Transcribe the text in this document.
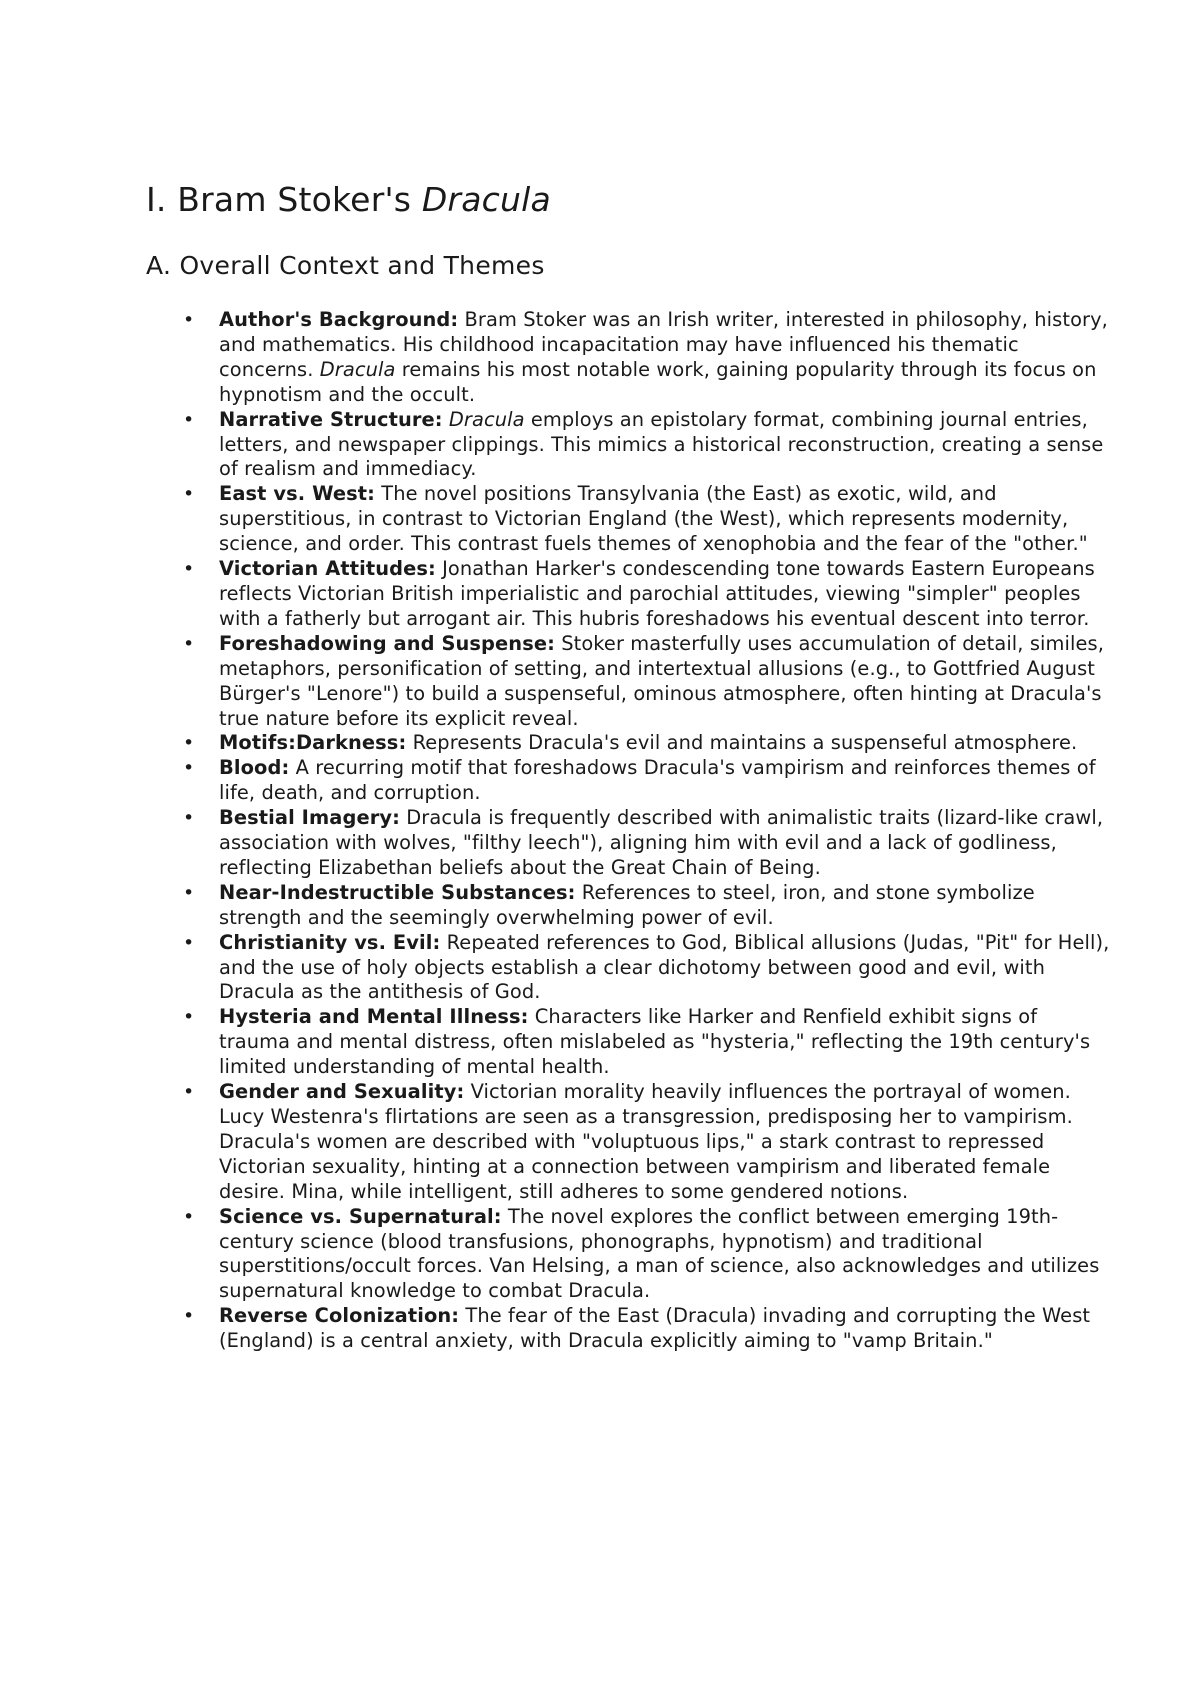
I. Bram Stoker's Dracula
A. Overall Context and Themes
• Author's Background: Bram Stoker was an Irish writer, interested in philosophy, history, and mathematics. His childhood incapacitation may have influenced his thematic concerns. Dracula remains his most notable work, gaining popularity through its focus on hypnotism and the occult.
• Narrative Structure: Dracula employs an epistolary format, combining journal entries, letters, and newspaper clippings. This mimics a historical reconstruction, creating a sense of realism and immediacy.
• East vs. West: The novel positions Transylvania (the East) as exotic, wild, and superstitious, in contrast to Victorian England (the West), which represents modernity, science, and order. This contrast fuels themes of xenophobia and the fear of the "other."
• Victorian Attitudes: Jonathan Harker's condescending tone towards Eastern Europeans reflects Victorian British imperialistic and parochial attitudes, viewing "simpler" peoples with a fatherly but arrogant air. This hubris foreshadows his eventual descent into terror.
• Foreshadowing and Suspense: Stoker masterfully uses accumulation of detail, similes, metaphors, personification of setting, and intertextual allusions (e.g., to Gottfried August Bürger's "Lenore") to build a suspenseful, ominous atmosphere, often hinting at Dracula's true nature before its explicit reveal.
• Motifs:Darkness: Represents Dracula's evil and maintains a suspenseful atmosphere.
• Blood: A recurring motif that foreshadows Dracula's vampirism and reinforces themes of life, death, and corruption.
• Bestial Imagery: Dracula is frequently described with animalistic traits (lizard-like crawl, association with wolves, "filthy leech"), aligning him with evil and a lack of godliness, reflecting Elizabethan beliefs about the Great Chain of Being.
• Near-Indestructible Substances: References to steel, iron, and stone symbolize strength and the seemingly overwhelming power of evil.
• Christianity vs. Evil: Repeated references to God, Biblical allusions (Judas, "Pit" for Hell), and the use of holy objects establish a clear dichotomy between good and evil, with Dracula as the antithesis of God.
• Hysteria and Mental Illness: Characters like Harker and Renfield exhibit signs of trauma and mental distress, often mislabeled as "hysteria," reflecting the 19th century's limited understanding of mental health.
• Gender and Sexuality: Victorian morality heavily influences the portrayal of women. Lucy Westenra's flirtations are seen as a transgression, predisposing her to vampirism. Dracula's women are described with "voluptuous lips," a stark contrast to repressed Victorian sexuality, hinting at a connection between vampirism and liberated female desire. Mina, while intelligent, still adheres to some gendered notions.
• Science vs. Supernatural: The novel explores the conflict between emerging 19th-century science (blood transfusions, phonographs, hypnotism) and traditional superstitions/occult forces. Van Helsing, a man of science, also acknowledges and utilizes supernatural knowledge to combat Dracula.
• Reverse Colonization: The fear of the East (Dracula) invading and corrupting the West (England) is a central anxiety, with Dracula explicitly aiming to "vamp Britain."
